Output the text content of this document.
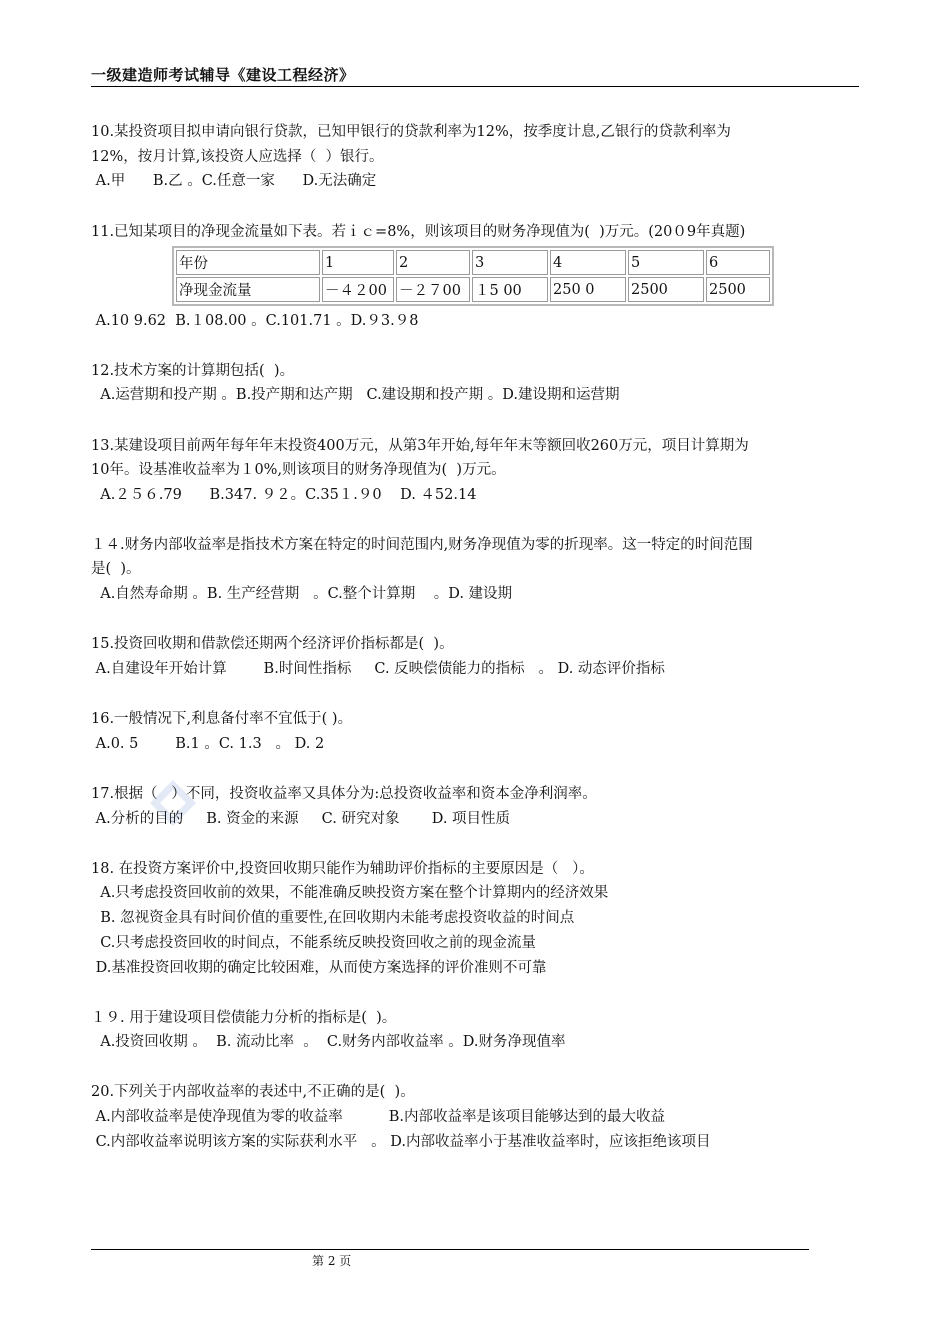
一级建造师考试辅导《建设工程经济》
10.某投资项目拟申请向银行贷款，已知甲银行的贷款利率为12%，按季度计息,乙银行的贷款利率为
12%，按月计算,该投资人应选择（  ）银行。
A.甲      B.乙 。C.任意一家      D.无法确定
11.已知某项目的净现金流量如下表。若ｉｃ=8%，则该项目的财务净现值为(  )万元。(20０9年真题)
年份	1	2	3	4	5	6
净现金流量	－４２00	－２７00	１5 00	250 0	2500	2500
A.10 9.62  B.１08.00 。C.101.71 。D.９3.９8
12.技术方案的计算期包括(  )。
A.运营期和投产期 。B.投产期和达产期   C.建设期和投产期 。D.建设期和运营期
13.某建设项目前两年每年年末投资400万元，从第3年开始,每年年末等额回收260万元，项目计算期为
10年。设基准收益率为１0%,则该项目的财务净现值为(  )万元。
A.２５６.79      B.347. ９２。C.35１.９0    D. ４52.14
１４.财务内部收益率是指技术方案在特定的时间范围内,财务净现值为零的折现率。这一特定的时间范围
是(  )。
A.自然寿命期 。B. 生产经营期   。C.整个计算期    。D. 建设期
15.投资回收期和借款偿还期两个经济评价指标都是(  )。
A.自建设年开始计算        B.时间性指标     C. 反映偿债能力的指标   。 D. 动态评价指标
16.一般情况下,利息备付率不宜低于( )。
A.0. 5        B.1 。C. 1.3   。 D. 2
17.根据（   ）不同，投资收益率又具体分为:总投资收益率和资本金净利润率。
A.分析的目的     B. 资金的来源     C. 研究对象       D. 项目性质
18. 在投资方案评价中,投资回收期只能作为辅助评价指标的主要原因是（   ）。
A.只考虑投资回收前的效果，不能准确反映投资方案在整个计算期内的经济效果
B. 忽视资金具有时间价值的重要性,在回收期内未能考虑投资收益的时间点
C.只考虑投资回收的时间点，不能系统反映投资回收之前的现金流量
D.基准投资回收期的确定比较困难，从而使方案选择的评价准则不可靠
１９. 用于建设项目偿债能力分析的指标是(  )。
A.投资回收期 。  B. 流动比率  。  C.财务内部收益率 。D.财务净现值率
20.下列关于内部收益率的表述中,不正确的是(  )。
A.内部收益率是使净现值为零的收益率          B.内部收益率是该项目能够达到的最大收益
C.内部收益率说明该方案的实际获利水平   。 D.内部收益率小于基准收益率时，应该拒绝该项目
第 2 页
